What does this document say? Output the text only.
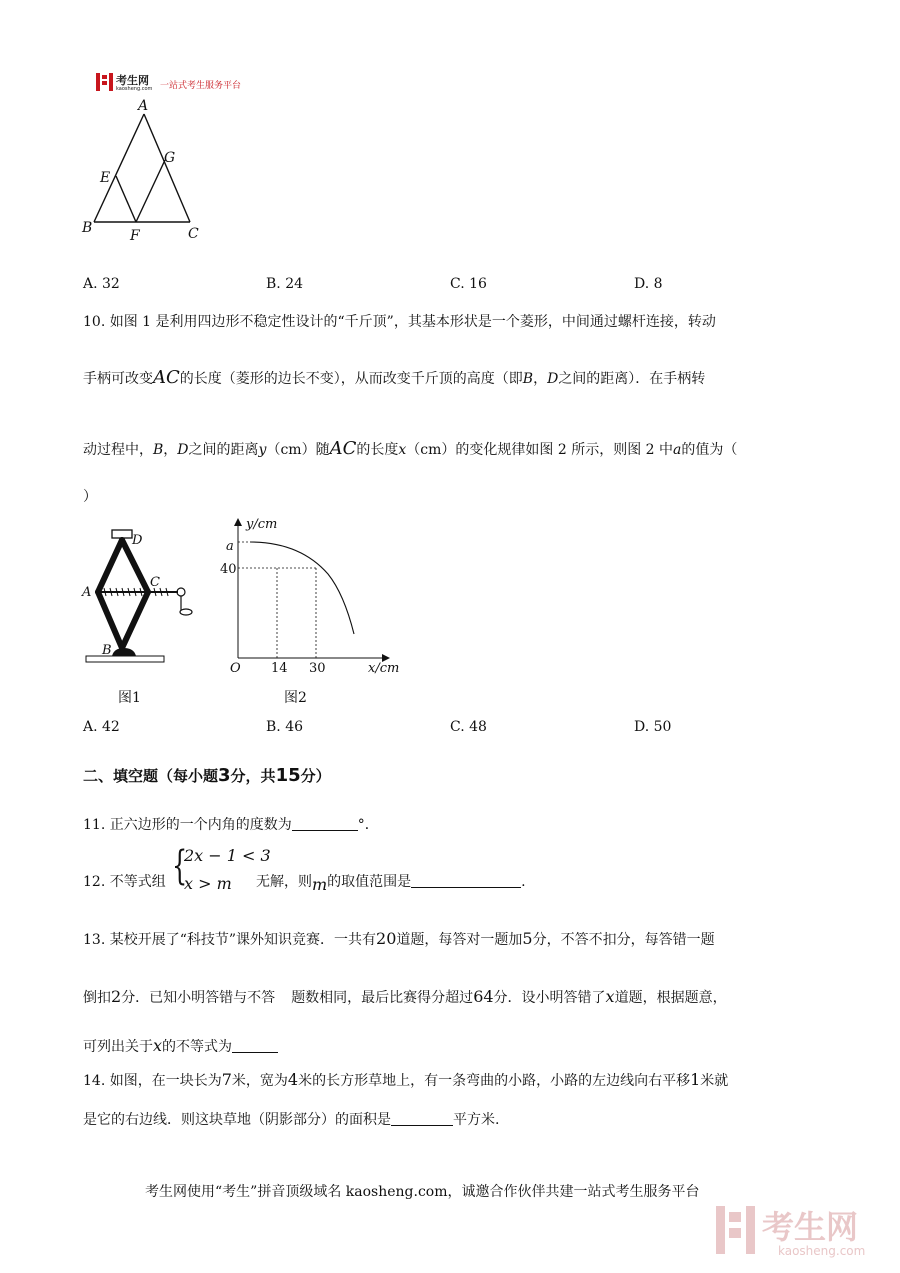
考生网
kaosheng.com 一站式考生服务平台
A
E
G
B	F	C
A. 32	B. 24	C. 16	D. 8
10. 如图 1 是利用四边形不稳定性设计的“千斤顶”，其基本形状是一个菱形，中间通过螺杆连接，转动
手柄可改变AC的长度（菱形的边长不变），从而改变千斤顶的高度（即B，D之间的距离）．在手柄转
动过程中，B，D之间的距离y（cm）随AC的长度x（cm）的变化规律如图 2 所示，则图 2 中a的值为（
）
D
A
C
B
图1
y/cm
a
40
O 14 30	x/cm
图2
A. 42	B. 46	C. 48	D. 50
二、填空题（每小题3分，共15分）
11. 正六边形的一个内角的度数为	°．
12. 不等式组 {
2x − 1 < 3
x > m 无解，则m的取值范围是	.
13. 某校开展了“科技节”课外知识竞赛．一共有20道题，每答对一题加5分，不答不扣分，每答错一题
倒扣2分．已知小明答错与不答 题数相同，最后比赛得分超过64分．设小明答错了x道题，根据题意，
可列出关于x的不等式为
14. 如图，在一块长为7米，宽为4米的长方形草地上，有一条弯曲的小路，小路的左边线向右平移1米就
是它的右边线．则这块草地（阴影部分）的面积是	平方米.
考生网使用“考生”拼音顶级域名 kaosheng.com，诚邀合作伙伴共建一站式考生服务平台
考生网
kaosheng.com
